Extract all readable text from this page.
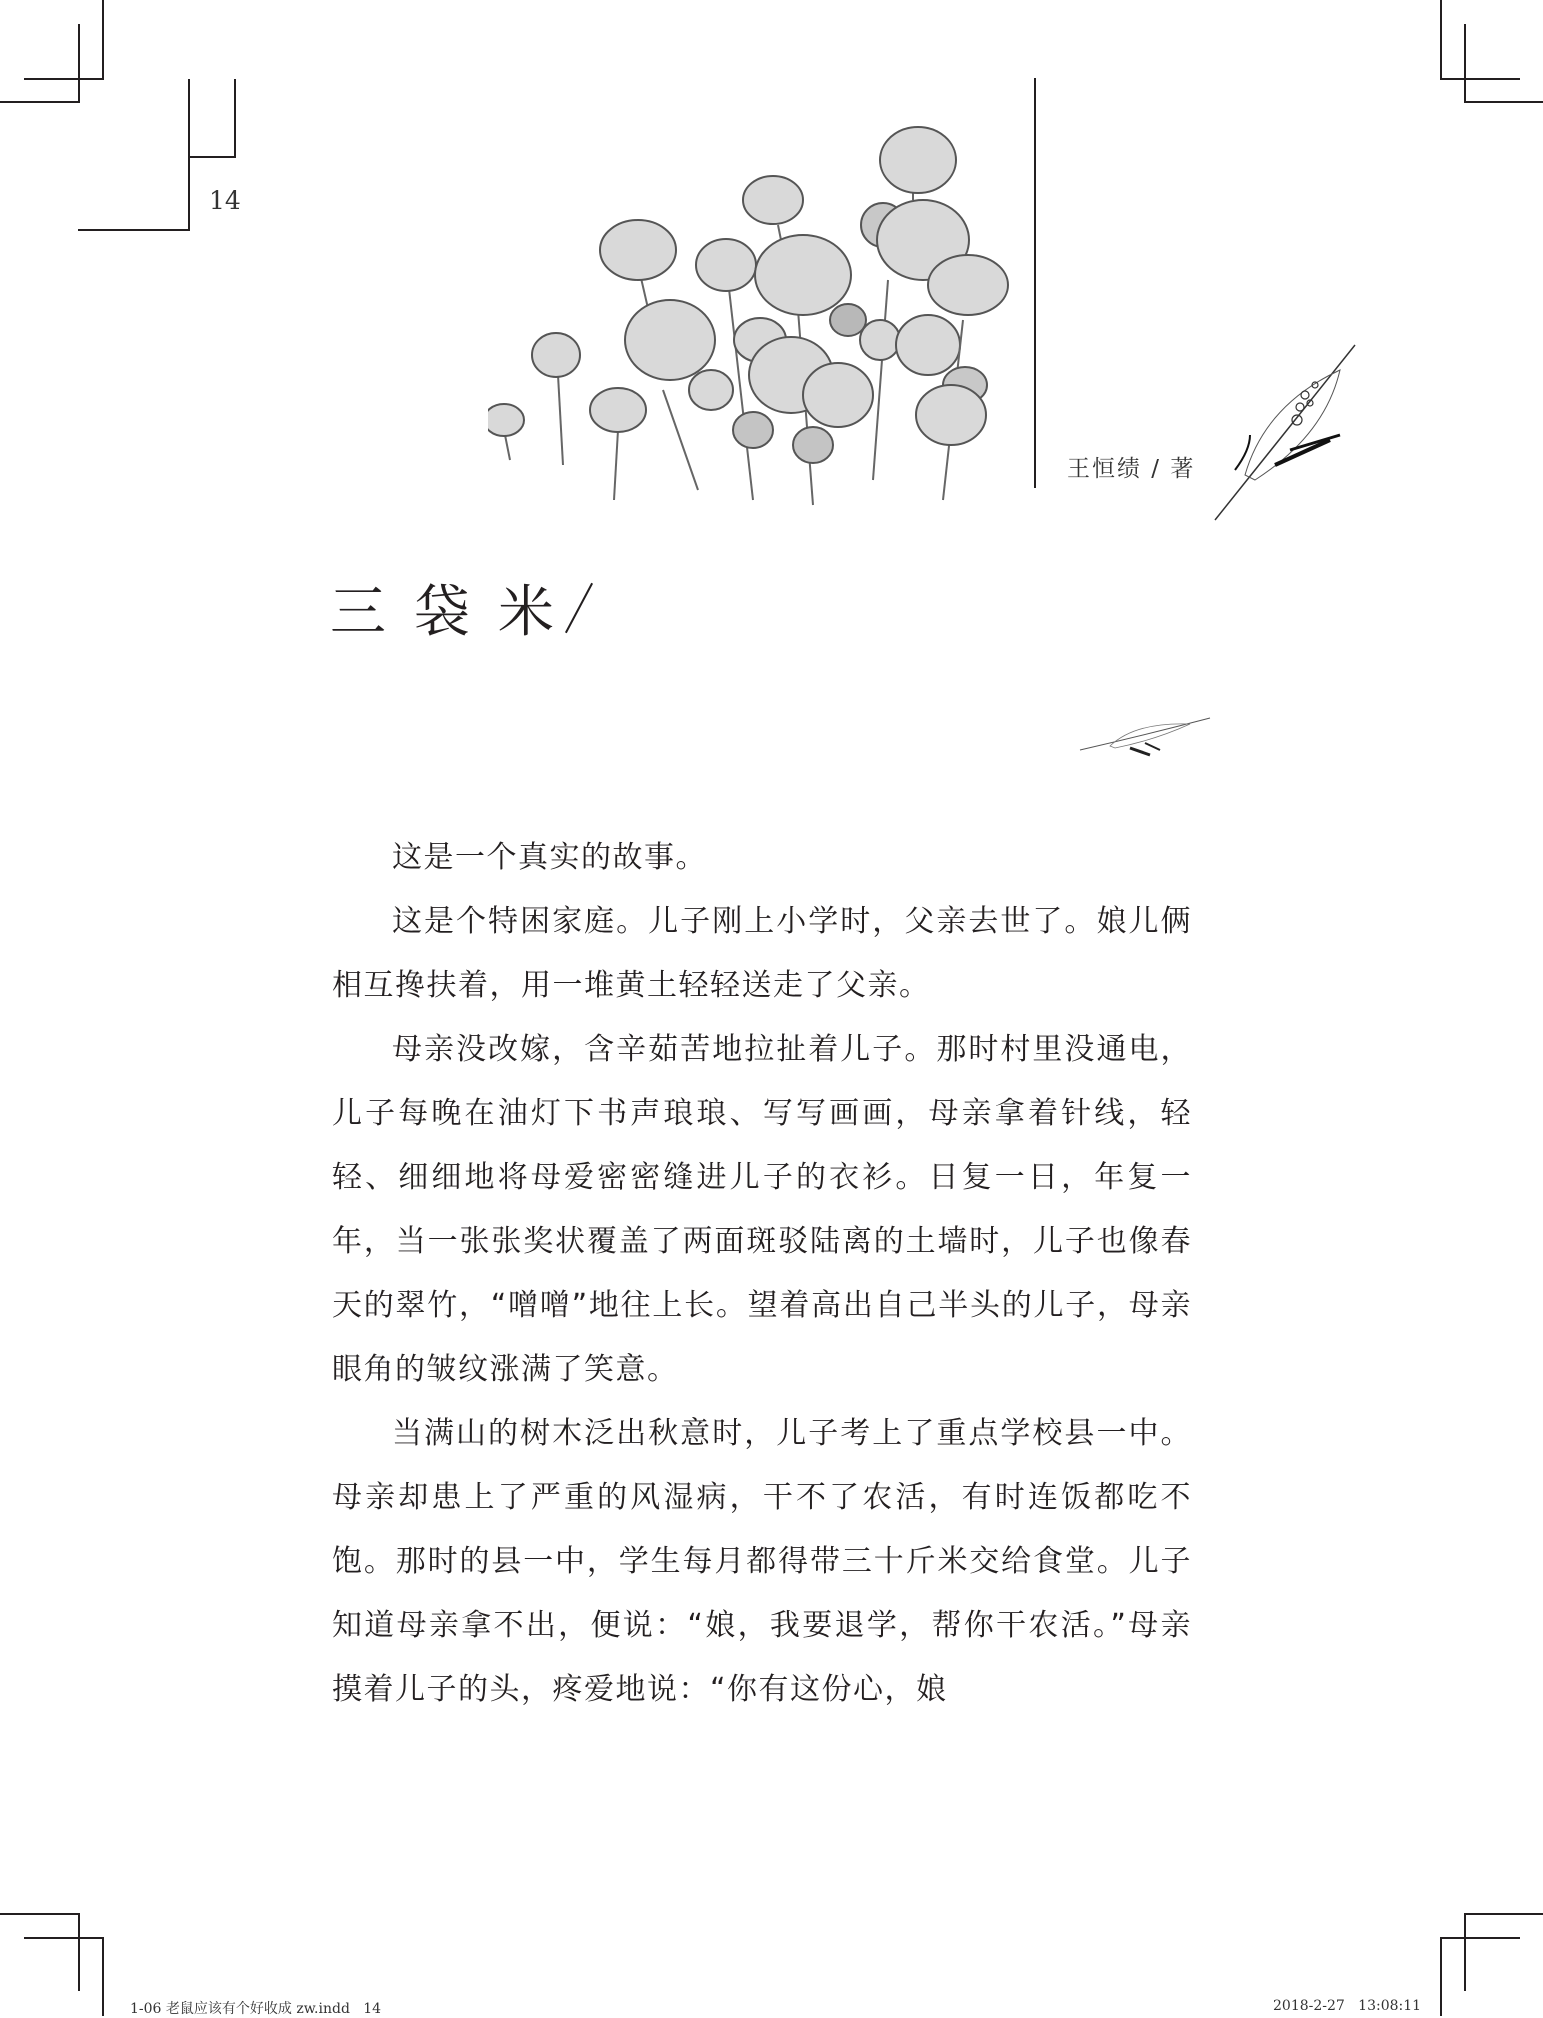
14
王恒绩 / 著
三袋米

这是一个真实的故事。

这是个特困家庭。儿子刚上小学时，父亲去世了。娘儿俩相互搀扶着，用一堆黄土轻轻送走了父亲。

母亲没改嫁，含辛茹苦地拉扯着儿子。那时村里没通电，儿子每晚在油灯下书声琅琅、写写画画，母亲拿着针线，轻轻、细细地将母爱密密缝进儿子的衣衫。日复一日，年复一年，当一张张奖状覆盖了两面斑驳陆离的土墙时，儿子也像春天的翠竹，“噌噌”地往上长。望着高出自己半头的儿子，母亲眼角的皱纹涨满了笑意。

当满山的树木泛出秋意时，儿子考上了重点学校县一中。母亲却患上了严重的风湿病，干不了农活，有时连饭都吃不饱。那时的县一中，学生每月都得带三十斤米交给食堂。儿子知道母亲拿不出，便说：“娘，我要退学，帮你干农活。”母亲摸着儿子的头，疼爱地说：“你有这份心，娘

1-06 老鼠应该有个好收成 zw.indd   14	2018-2-27   13:08:11
